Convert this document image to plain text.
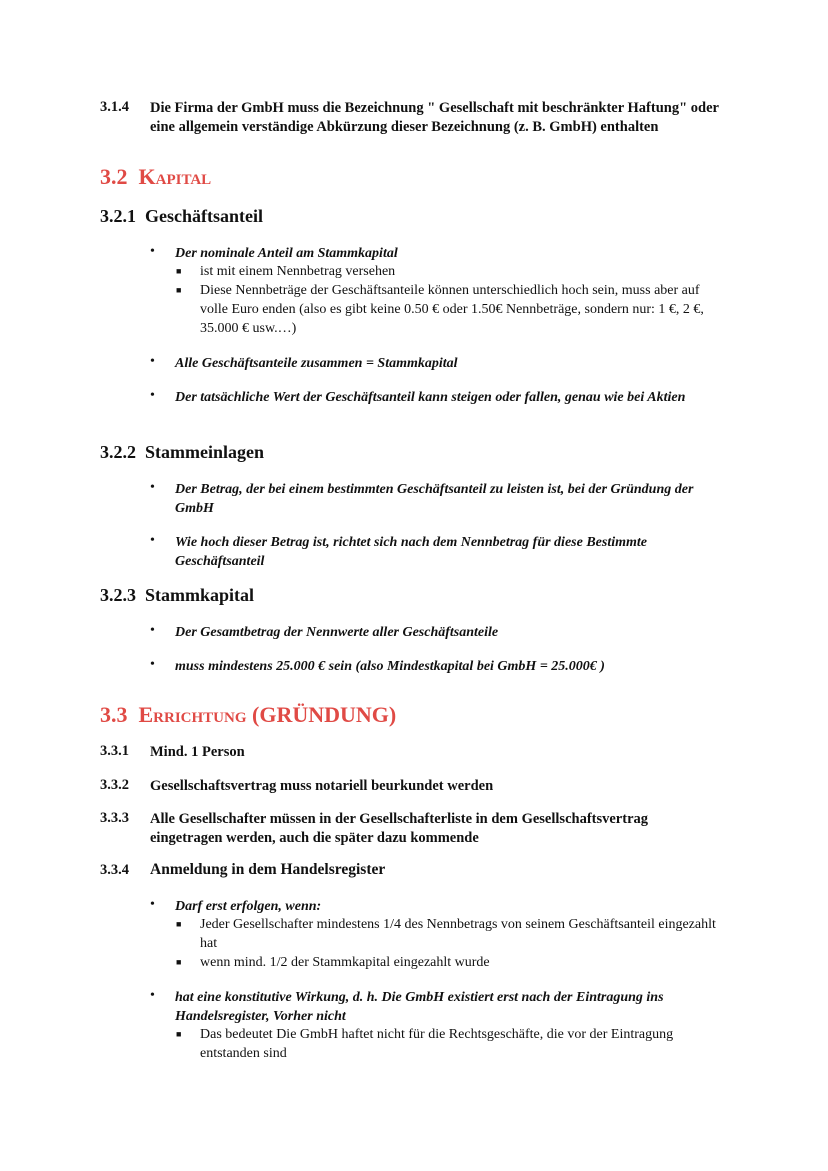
3.1.4 Die Firma der GmbH muss die Bezeichnung " Gesellschaft mit beschränkter Haftung" oder eine allgemein verständige Abkürzung dieser Bezeichnung (z. B. GmbH) enthalten
3.2 Kapital
3.2.1 Geschäftsanteil
• Der nominale Anteil am Stammkapital
■ ist mit einem Nennbetrag versehen
■ Diese Nennbeträge der Geschäftsanteile können unterschiedlich hoch sein, muss aber auf volle Euro enden (also es gibt keine 0.50 € oder 1.50€ Nennbeträge, sondern nur: 1 €, 2 €, 35.000 € usw.…)
• Alle Geschäftsanteile zusammen = Stammkapital
• Der tatsächliche Wert der Geschäftsanteil kann steigen oder fallen, genau wie bei Aktien
3.2.2 Stammeinlagen
• Der Betrag, der bei einem bestimmten Geschäftsanteil zu leisten ist, bei der Gründung der GmbH
• Wie hoch dieser Betrag ist, richtet sich nach dem Nennbetrag für diese Bestimmte Geschäftsanteil
3.2.3 Stammkapital
• Der Gesamtbetrag der Nennwerte aller Geschäftsanteile
• muss mindestens 25.000 € sein (also Mindestkapital bei GmbH = 25.000€ )
3.3 Errichtung (GRÜNDUNG)
3.3.1 Mind. 1 Person
3.3.2 Gesellschaftsvertrag muss notariell beurkundet werden
3.3.3 Alle Gesellschafter müssen in der Gesellschafterliste in dem Gesellschaftsvertrag eingetragen werden, auch die später dazu kommende
3.3.4 Anmeldung in dem Handelsregister
• Darf erst erfolgen, wenn:
■ Jeder Gesellschafter mindestens 1/4 des Nennbetrags von seinem Geschäftsanteil eingezahlt hat
■ wenn mind. 1/2 der Stammkapital eingezahlt wurde
• hat eine konstitutive Wirkung, d. h. Die GmbH existiert erst nach der Eintragung ins Handelsregister, Vorher nicht
■ Das bedeutet Die GmbH haftet nicht für die Rechtsgeschäfte, die vor der Eintragung entstanden sind
